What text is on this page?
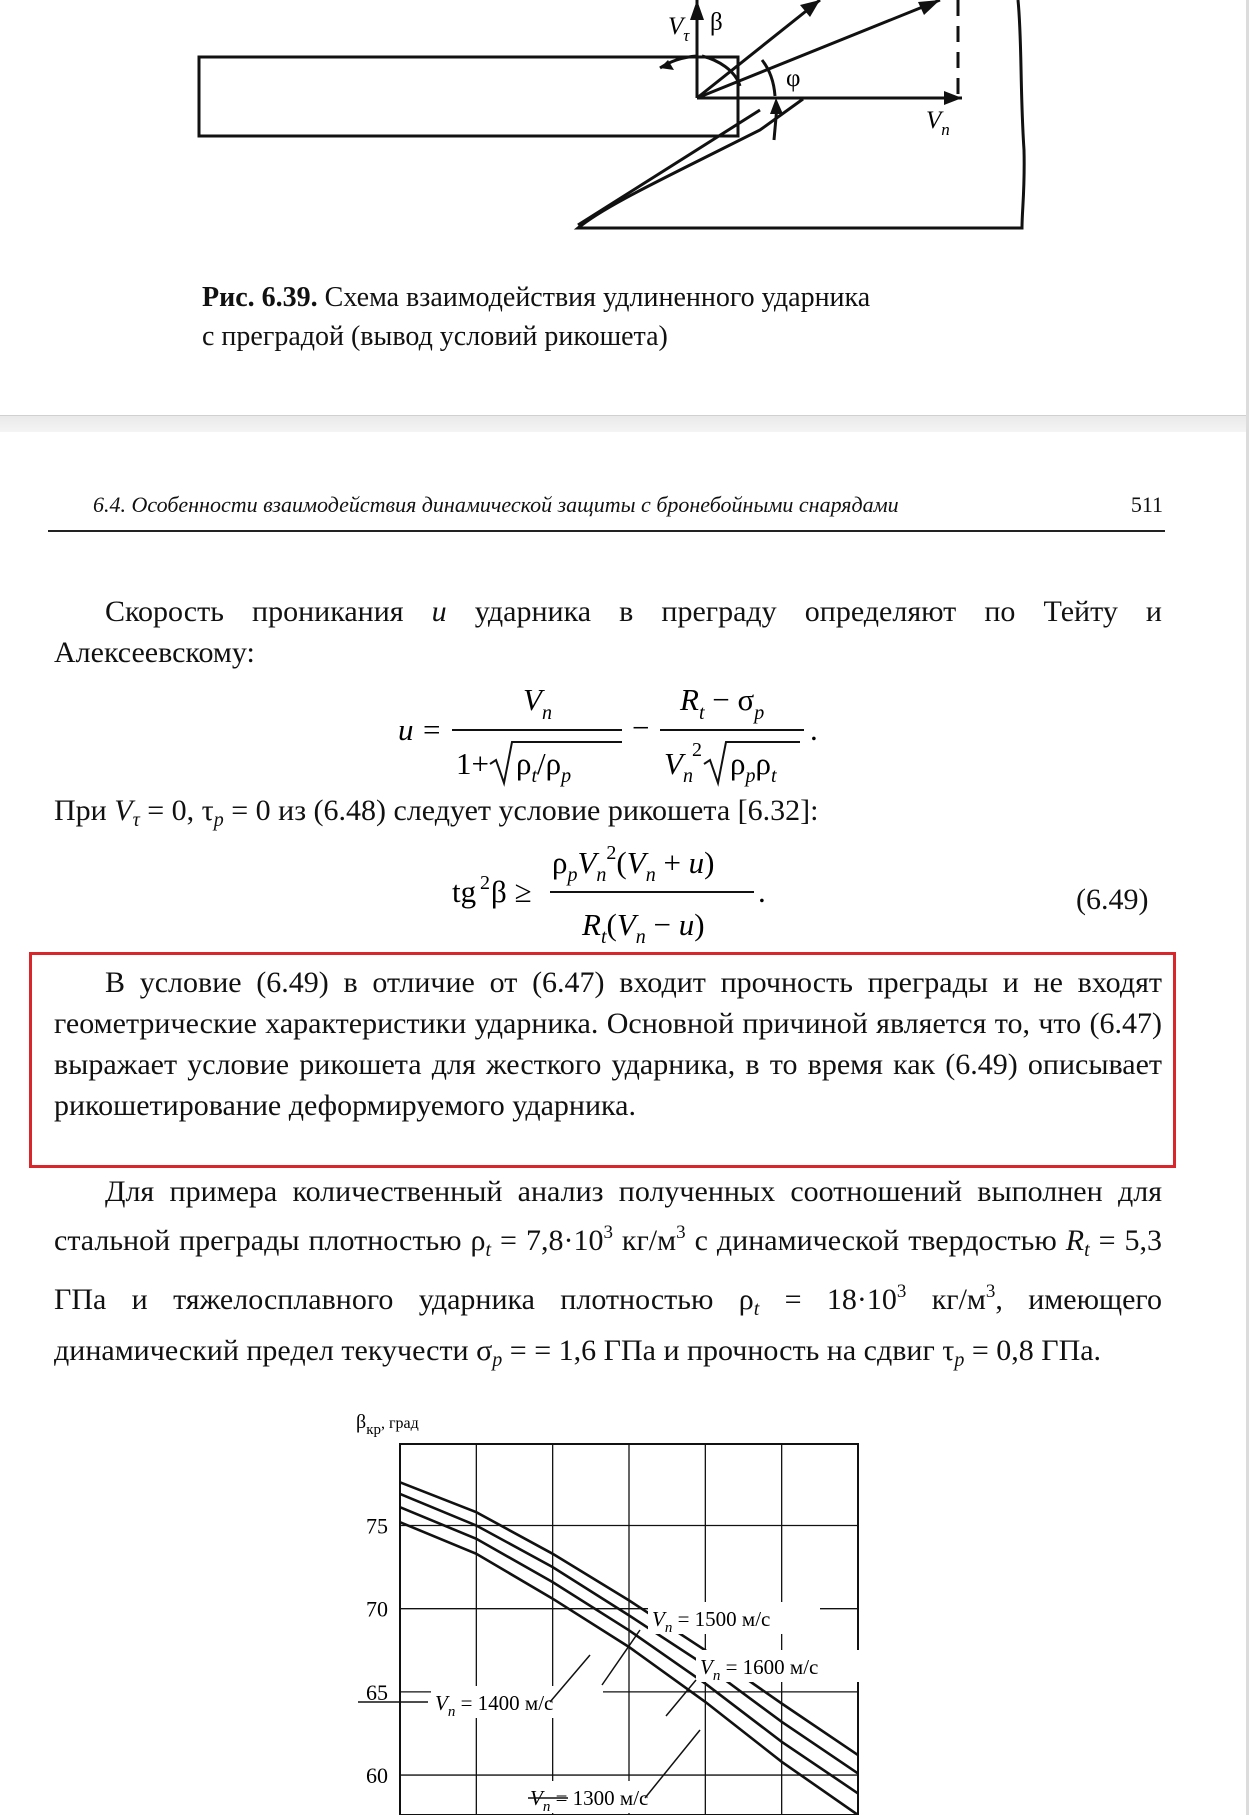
$V_\tau$ β
φ
$V_n$
Рис. 6.39. Схема взаимодействия удлиненного ударника
с преградой (вывод условий рикошета)
6.4. Особенности взаимодействия динамической защиты с бронебойными снарядами	511
Скорость проникания u ударника в преграду определяют по Тейту и Алексеевскому:
u =
$V_n$
$1+ \rho_t/\rho_p$
−
$R_t - \sigma_p$
$V_n$
2 $\rho_p\rho_t$
.
При $V_\tau = 0$, $\tau_p = 0$ из (6.48) следует условие рикошета [6.32]:
tg 2 β ≥
$\rho_pV_n^2(V_n + u)$
$R_t(V_n - u)$
.	(6.49)
В условие (6.49) в отличие от (6.47) входит прочность преграды и не входят геометрические характеристики ударника. Основной причиной является то, что (6.47) выражает условие рикошета для жесткого ударника, в то время как (6.49) описывает рикошетирование деформируемого ударника.
Для примера количественный анализ полученных соотношений выполнен для стальной преграды плотностью $\rho_t = 7,8\cdot 10^3$ $кг/м^3$ с динамической твердостью $R_t = 5,3$ ГПа и тяжелосплавного ударника плотностью $\rho_t = 18\cdot 10^3$ $кг/м^3$, имеющего динамический предел текучести $\sigma_p$ = = 1,6 ГПа и прочность на сдвиг $\tau_p = 0,8$ ГПа.
$\beta_{кр}^{, град}$
60
65
70
75
$V_n = 1300$ м/с
$V_n = 1400$ м/с
$V_n = 1500$ м/с
$V_n = 1600$ м/с
